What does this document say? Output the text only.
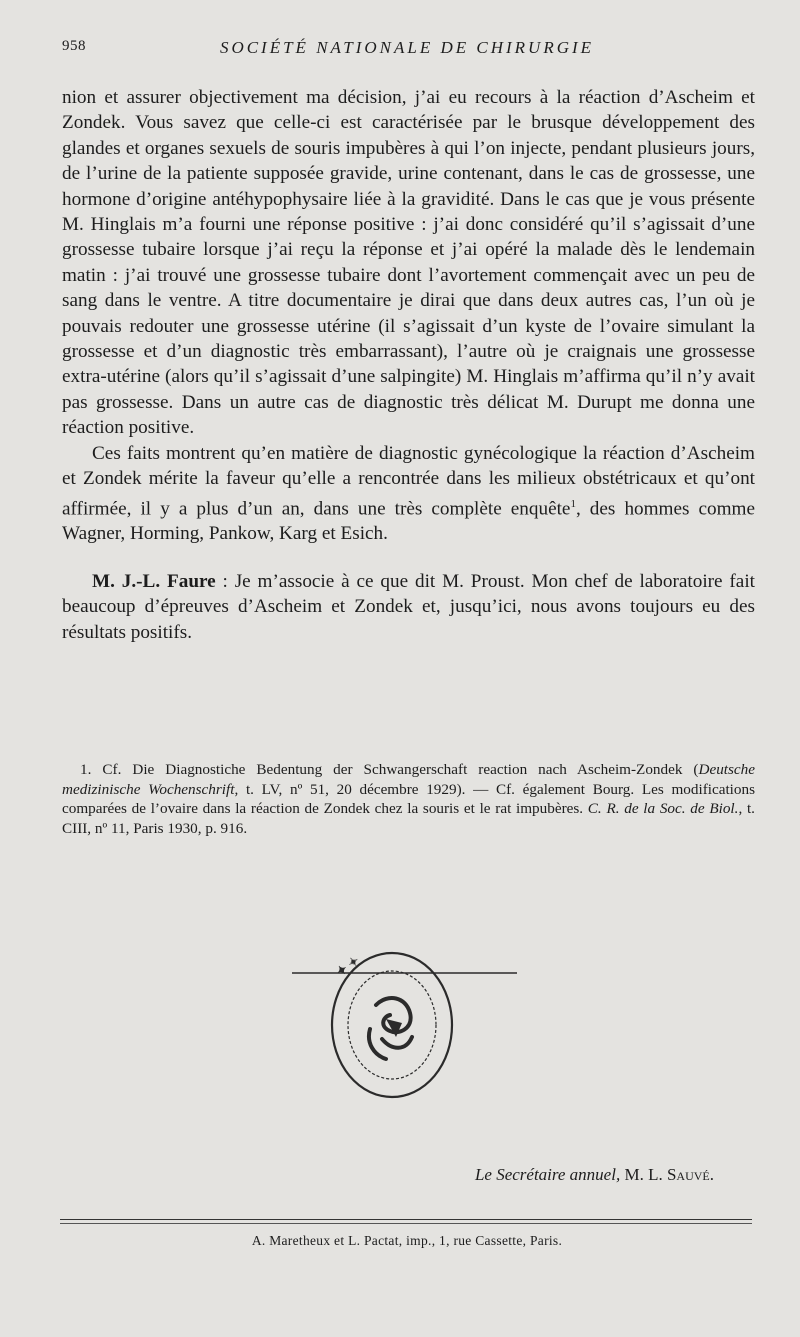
958	SOCIÉTÉ NATIONALE DE CHIRURGIE

nion et assurer objectivement ma décision, j’ai eu recours à la réaction d’Ascheim et Zondek. Vous savez que celle-ci est caractérisée par le brusque développement des glandes et organes sexuels de souris impubères à qui l’on injecte, pendant plusieurs jours, de l’urine de la patiente supposée gravide, urine contenant, dans le cas de grossesse, une hormone d’origine antéhypophysaire liée à la gravidité. Dans le cas que je vous présente M. Hinglais m’a fourni une réponse positive : j’ai donc considéré qu’il s’agissait d’une grossesse tubaire lorsque j’ai reçu la réponse et j’ai opéré la malade dès le lendemain matin : j’ai trouvé une grossesse tubaire dont l’avortement commençait avec un peu de sang dans le ventre. A titre documentaire je dirai que dans deux autres cas, l’un où je pouvais redouter une grossesse utérine (il s’agissait d’un kyste de l’ovaire simulant la grossesse et d’un diagnostic très embarrassant), l’autre où je craignais une grossesse extra-utérine (alors qu’il s’agissait d’une salpingite) M. Hinglais m’affirma qu’il n’y avait pas grossesse. Dans un autre cas de diagnostic très délicat M. Durupt me donna une réaction positive.

Ces faits montrent qu’en matière de diagnostic gynécologique la réaction d’Ascheim et Zondek mérite la faveur qu’elle a rencontrée dans les milieux obstétricaux et qu’ont affirmée, il y a plus d’un an, dans une très complète enquête$^1$, des hommes comme Wagner, Horming, Pankow, Karg et Esich.

M. J.-L. Faure : Je m’associe à ce que dit M. Proust. Mon chef de laboratoire fait beaucoup d’épreuves d’Ascheim et Zondek et, jusqu’ici, nous avons toujours eu des résultats positifs.

1. Cf. Die Diagnostiche Bedentung der Schwangerschaft reaction nach Ascheim-Zondek (Deutsche medizinische Wochenschrift, t. LV, nº 51, 20 décembre 1929). — Cf. également Bourg. Les modifications comparées de l’ovaire dans la réaction de Zondek chez la souris et le rat impubères. C. R. de la Soc. de Biol., t. CIII, nº 11, Paris 1930, p. 916.

✦ ✦
Le Secrétaire annuel, M. L. Sauvé.
A. Maretheux et L. Pactat, imp., 1, rue Cassette, Paris.
